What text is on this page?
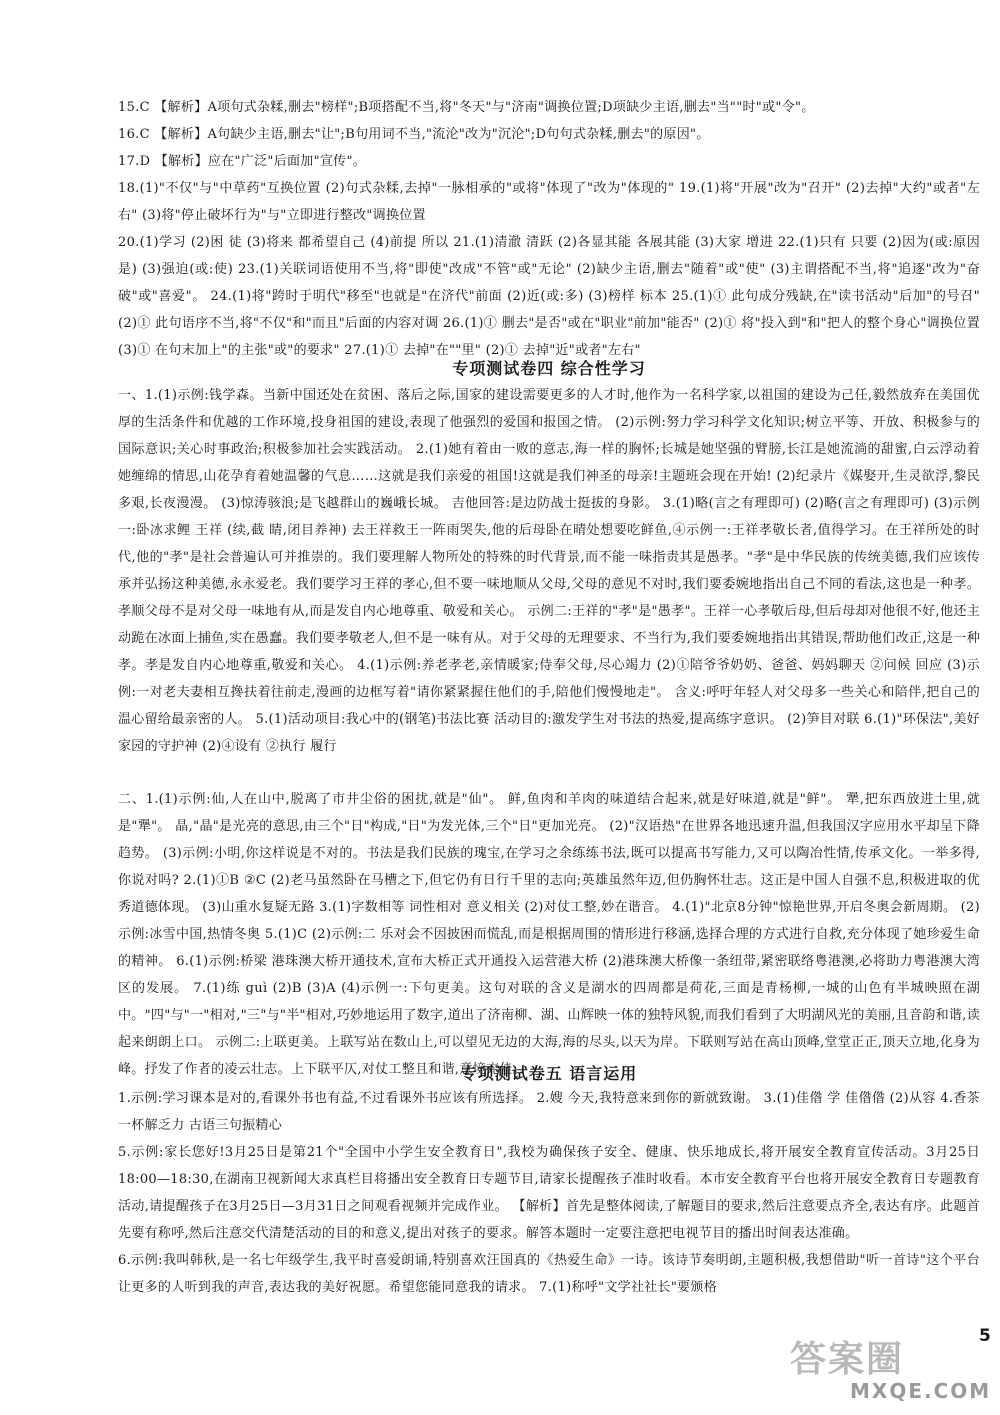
15.C 【解析】A项句式杂糅,删去"榜样";B项搭配不当,将"冬天"与"济南"调换位置;D项缺少主语,删去"当""时"或"令"。

16.C 【解析】A句缺少主语,删去"让";B句用词不当,"流沦"改为"沉沦";D句句式杂糅,删去"的原因"。

17.D 【解析】应在"广泛"后面加"宣传"。

18.(1)"不仅"与"中草药"互换位置 (2)句式杂糅,去掉"一脉相承的"或将"体现了"改为"体现的" 19.(1)将"开展"改为"召开" (2)去掉"大约"或者"左右" (3)将"停止破坏行为"与"立即进行整改"调换位置

20.(1)学习 (2)困 徒 (3)将来 都希望自己 (4)前提 所以 21.(1)清澈 清跃 (2)各显其能 各展其能 (3)大家 增进 22.(1)只有 只要 (2)因为(或:原因是) (3)强迫(或:使) 23.(1)关联词语使用不当,将"即使"改成"不管"或"无论" (2)缺少主语,删去"随着"或"使" (3)主谓搭配不当,将"追逐"改为"奋破"或"喜爱"。 24.(1)将"跨时于明代"移至"也就是"在济代"前面 (2)近(或:多) (3)榜样 标本 25.(1)① 此句成分残缺,在"读书活动"后加"的号召" (2)① 此句语序不当,将"不仅"和"而且"后面的内容对调 26.(1)① 删去"是否"或在"职业"前加"能否" (2)① 将"投入到"和"把人的整个身心"调换位置 (3)① 在句末加上"的主张"或"的要求" 27.(1)① 去掉"在""里" (2)① 去掉"近"或者"左右"

专项测试卷四 综合性学习

一、1.(1)示例:钱学森。当新中国还处在贫困、落后之际,国家的建设需要更多的人才时,他作为一名科学家,以祖国的建设为己任,毅然放弃在美国优厚的生活条件和优越的工作环境,投身祖国的建设,表现了他强烈的爱国和报国之情。 (2)示例:努力学习科学文化知识;树立平等、开放、积极参与的国际意识;关心时事政治;积极参加社会实践活动。 2.(1)她有着由一败的意志,海一样的胸怀;长城是她坚强的臂膀,长江是她流淌的甜蜜,白云浮动着她缠绵的情思,山花孕育着她温馨的气息……这就是我们亲爱的祖国!这就是我们神圣的母亲!主题班会现在开始! (2)纪录片《媒娶开,生灵欲浮,黎民多艰,长夜漫漫。 (3)惊涛骇浪;是飞越群山的巍峨长城。 吉他回答:是边防战士挺拔的身影。 3.(1)略(言之有理即可) (2)略(言之有理即可) (3)示例一:卧冰求鲤 王祥 (续,截 睛,闭目养神) 去王祥救王一阵雨哭失,他的后母卧在晴处想要吃鲜鱼,④示例一:王祥孝敬长者,值得学习。在王祥所处的时代,他的"孝"是社会普遍认可并推崇的。我们要理解人物所处的特殊的时代背景,而不能一味指责其是愚孝。"孝"是中华民族的传统美德,我们应该传承并弘扬这种美德,永永爱老。我们要学习王祥的孝心,但不要一味地顺从父母,父母的意见不对时,我们要委婉地指出自己不同的看法,这也是一种孝。 孝顺父母不是对父母一味地有从,而是发自内心地尊重、敬爱和关心。 示例二:王祥的"孝"是"愚孝"。王祥一心孝敬后母,但后母却对他很不好,他还主动跪在冰面上捕鱼,实在愚蠢。我们要孝敬老人,但不是一味有从。对于父母的无理要求、不当行为,我们要委婉地指出其错误,帮助他们改正,这是一种孝。孝是发自内心地尊重,敬爱和关心。 4.(1)示例:养老孝老,亲情暖家;侍奉父母,尽心竭力 (2)①陪爷爷奶奶、爸爸、妈妈聊天 ②问候 回应 (3)示例:一对老夫妻相互搀扶着往前走,漫画的边框写着"请你紧紧握住他们的手,陪他们慢慢地走"。 含义:呼吁年轻人对父母多一些关心和陪伴,把自己的温心留给最亲密的人。 5.(1)活动项目:我心中的(钢笔)书法比赛 活动目的:激发学生对书法的热爱,提高练字意识。 (2)笋目对联 6.(1)"环保法",美好家园的守护神 (2)④设有 ②执行 履行

二、1.(1)示例:仙,人在山中,脱离了市井尘俗的困扰,就是"仙"。 鲜,鱼肉和羊肉的味道结合起来,就是好味道,就是"鲜"。 犟,把东西放进土里,就是"犟"。 晶,"晶"是光亮的意思,由三个"日"构成,"日"为发光体,三个"日"更加光亮。 (2)"汉语热"在世界各地迅速升温,但我国汉字应用水平却呈下降趋势。 (3)示例:小明,你这样说是不对的。书法是我们民族的瑰宝,在学习之余练练书法,既可以提高书写能力,又可以陶冶性情,传承文化。一举多得,你说对吗? 2.(1)①B ②C (2)老马虽然卧在马槽之下,但它仍有日行千里的志向;英雄虽然年迈,但仍胸怀壮志。这正是中国人自强不息,积极进取的优秀道德体现。 (3)山重水复疑无路 3.(1)字数相等 词性相对 意义相关 (2)对仗工整,妙在谐音。 4.(1)"北京8分钟"惊艳世界,开启冬奥会新周期。 (2)示例:冰雪中国,热情冬奥 5.(1)C (2)示例:二 乐对会不因披困而慌乱,而是根据周围的情形进行移涵,选择合理的方式进行自救,充分体现了她珍爱生命的精神。 6.(1)示例:桥梁 港珠澳大桥开通技术,宣布大桥正式开通投入运营港大桥 (2)港珠澳大桥像一条纽带,紧密联络粤港澳,必将助力粤港澳大湾区的发展。 7.(1)练 guì (2)B (3)A (4)示例一:下句更美。这句对联的含义是湖水的四周都是荷花,三面是青杨柳,一城的山色有半城映照在湖中。"四"与"一"相对,"三"与"半"相对,巧妙地运用了数字,道出了济南柳、湖、山辉映一体的独特风貌,而我们看到了大明湖风光的美丽,且音韵和谐,读起来朗朗上口。 示例二:上联更美。上联写站在数山上,可以望见无边的大海,海的尽头,以天为岸。下联则写站在高山顶峰,堂堂正正,顶天立地,化身为峰。抒发了作者的凌云壮志。上下联平仄,对仗工整且和谐,意境充佳。

专项测试卷五 语言运用

1.示例:学习课本是对的,看课外书也有益,不过看课外书应该有所选择。 2.嫂 今天,我特意来到你的新就致谢。 3.(1)佳偺 学 佳偺偺 (2)从容 4.香茶 一杯解乏力 古语三句振精心

5.示例:家长您好!3月25日是第21个"全国中小学生安全教育日",我校为确保孩子安全、健康、快乐地成长,将开展安全教育宣传活动。3月25日18:00—18:30,在湖南卫视新闻大求真栏目将播出安全教育日专题节目,请家长提醒孩子准时收看。本市安全教育平台也将开展安全教育日专题教育活动,请提醒孩子在3月25日—3月31日之间观看视频并完成作业。 【解析】首先是整体阅读,了解题目的要求,然后注意要点齐全,表达有序。此题首先要有称呼,然后注意交代清楚活动的目的和意义,提出对孩子的要求。解答本题时一定要注意把电视节目的播出时间表达准确。

6.示例:我叫韩秋,是一名七年级学生,我平时喜爱朗诵,特别喜欢汪国真的《热爱生命》一诗。该诗节奏明朗,主题积极,我想借助"听一首诗"这个平台让更多的人听到我的声音,表达我的美好祝愿。希望您能同意我的请求。 7.(1)称呼"文学社社长"要颁格

5
答案圈
MXQE.COM
